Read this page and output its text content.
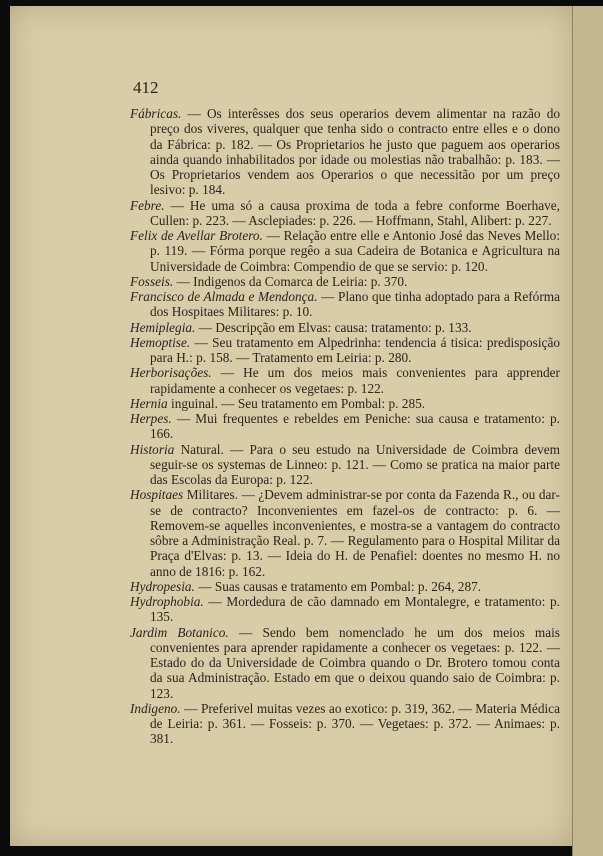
412

Fábricas. — Os interêsses dos seus operarios devem alimentar na razão do preço dos viveres, qualquer que tenha sido o contracto entre elles e o dono da Fábrica: p. 182. — Os Proprietarios he justo que paguem aos operarios ainda quando inhabilitados por idade ou molestias não trabalhão: p. 183. — Os Proprietarios vendem aos Operarios o que necessitão por um preço lesivo: p. 184.

Febre. — He uma só a causa proxima de toda a febre conforme Boerhave, Cullen: p. 223. — Asclepiades: p. 226. — Hoffmann, Stahl, Alibert: p. 227.

Felix de Avellar Brotero. — Relação entre elle e Antonio José das Neves Mello: p. 119. — Fórma porque regêo a sua Cadeira de Botanica e Agricultura na Universidade de Coimbra: Compendio de que se servio: p. 120.

Fosseis. — Indigenos da Comarca de Leiria: p. 370.

Francisco de Almada e Mendonça. — Plano que tinha adoptado para a Refórma dos Hospitaes Militares: p. 10.

Hemiplegia. — Descripção em Elvas: causa: tratamento: p. 133.

Hemoptise. — Seu tratamento em Alpedrinha: tendencia á tisica: predisposição para H.: p. 158. — Tratamento em Leiria: p. 280.

Herborisações. — He um dos meios mais convenientes para apprender rapidamente a conhecer os vegetaes: p. 122.

Hernia inguinal. — Seu tratamento em Pombal: p. 285.

Herpes. — Mui frequentes e rebeldes em Peniche: sua causa e tratamento: p. 166.

Historia Natural. — Para o seu estudo na Universidade de Coimbra devem seguir-se os systemas de Linneo: p. 121. — Como se pratica na maior parte das Escolas da Europa: p. 122.

Hospitaes Militares. — ¿Devem administrar-se por conta da Fazenda R., ou dar-se de contracto? Inconvenientes em fazel-os de contracto: p. 6. — Removem-se aquelles inconvenientes, e mostra-se a vantagem do contracto sôbre a Administração Real. p. 7. — Regulamento para o Hospital Militar da Praça d'Elvas: p. 13. — Ideia do H. de Penafiel: doentes no mesmo H. no anno de 1816: p. 162.

Hydropesia. — Suas causas e tratamento em Pombal: p. 264, 287.

Hydrophobia. — Mordedura de cão damnado em Montalegre, e tratamento: p. 135.

Jardim Botanico. — Sendo bem nomenclado he um dos meios mais convenientes para aprender rapidamente a conhecer os vegetaes: p. 122. — Estado do da Universidade de Coimbra quando o Dr. Brotero tomou conta da sua Administração. Estado em que o deixou quando saio de Coimbra: p. 123.

Indigeno. — Preferivel muitas vezes ao exotico: p. 319, 362. — Materia Médica de Leiria: p. 361. — Fosseis: p. 370. — Vegetaes: p. 372. — Animaes: p. 381.
